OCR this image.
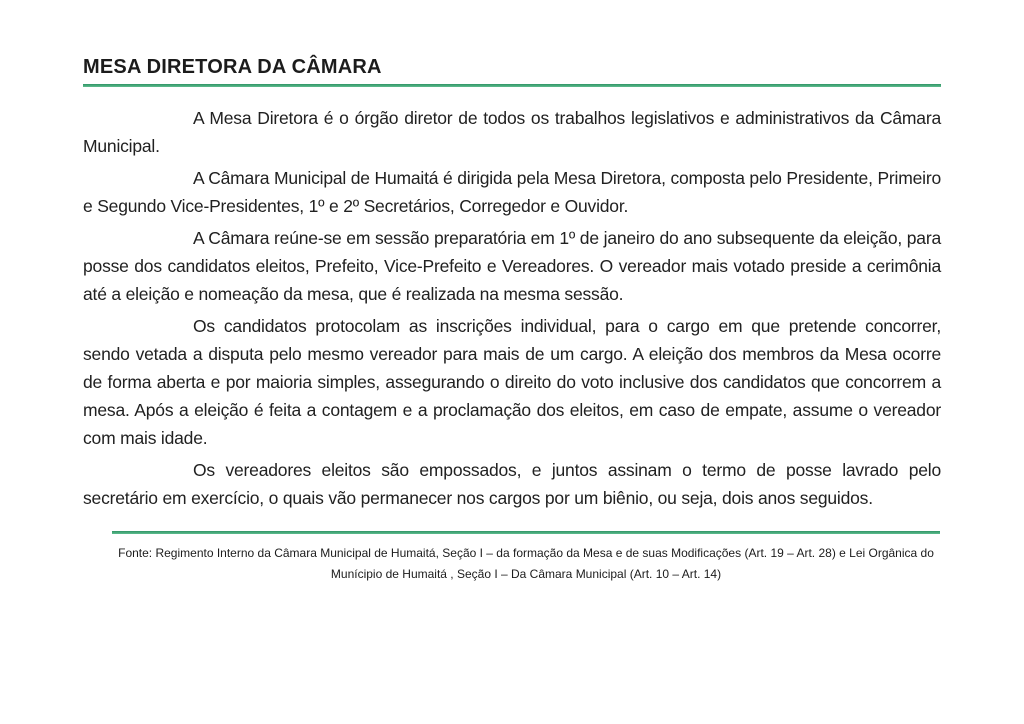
MESA DIRETORA DA CÂMARA

A Mesa Diretora é o órgão diretor de todos os trabalhos legislativos e administrativos da Câmara Municipal.

A Câmara Municipal de Humaitá é dirigida pela Mesa Diretora, composta pelo Presidente, Primeiro e Segundo Vice-Presidentes, 1º e 2º Secretários, Corregedor e Ouvidor.

A Câmara reúne-se em sessão preparatória em 1º de janeiro do ano subsequente da eleição, para posse dos candidatos eleitos, Prefeito, Vice-Prefeito e Vereadores. O vereador mais votado preside a cerimônia até a eleição e nomeação da mesa, que é realizada na mesma sessão.

Os candidatos protocolam as inscrições individual, para o cargo em que pretende concorrer, sendo vetada a disputa pelo mesmo vereador para mais de um cargo. A eleição dos membros da Mesa ocorre de forma aberta e por maioria simples, assegurando o direito do voto inclusive dos candidatos que concorrem a mesa. Após a eleição é feita a contagem e a proclamação dos eleitos, em caso de empate, assume o vereador com mais idade.

Os vereadores eleitos são empossados, e juntos assinam o termo de posse lavrado pelo secretário em exercício, o quais vão permanecer nos cargos por um biênio, ou seja, dois anos seguidos.

Fonte: Regimento Interno da Câmara Municipal de Humaitá, Seção I – da formação da Mesa e de suas Modificações (Art. 19 – Art. 28) e Lei Orgânica do
Munícipio de Humaitá , Seção I – Da Câmara Municipal (Art. 10 – Art. 14)
